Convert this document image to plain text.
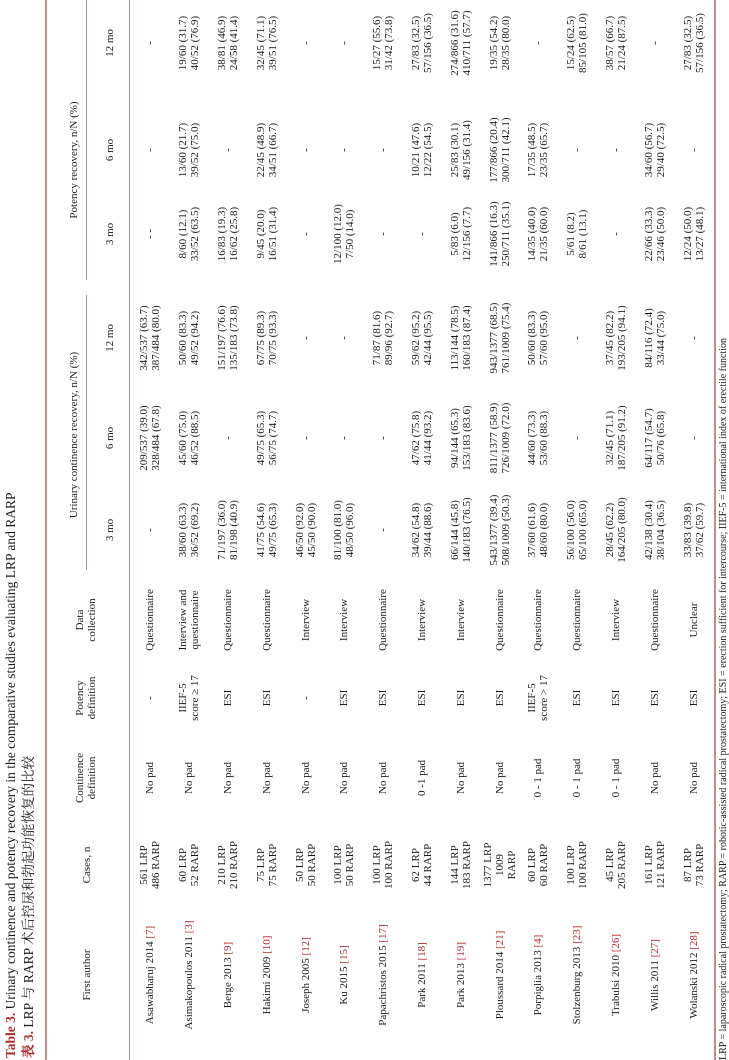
Table 3. Urinary continence and potency recovery in the comparative studies evaluating LRP and RARP
表 3. LRP 与 RARP 术后控尿和勃起功能恢复的比较	First author
Cases, n
Continence definition
Potency definition
Data collection
Urinary continence recovery, n/N (%)
Potency recovery, n/N (%)
3 mo
6 mo
12 mo
3 mo
6 mo
12 mo
Asawabharuj 2014 [7]
561 LRP 486 RARP
No pad
-
Questionnaire
-
209/537 (39.0) 328/484 (67.8)
342/537 (63.7) 387/484 (80.0)
- -
-
-
Asimakopoulos 2011 [3]
60 LRP 52 RARP
No pad
IIEF-5 score ≥ 17
Interview and questionnaire
38/60 (63.3) 36/52 (69.2)
45/60 (75.0) 46/52 (88.5)
50/60 (83.3) 49/52 (94.2)
8/60 (12.1) 33/52 (63.5)
13/60 (21.7) 39/52 (75.0)
19/60 (31.7) 40/52 (76.9)
Berge 2013 [9]
210 LRP 210 RARP
No pad
ESI
Questionnaire
71/197 (36.0) 81/198 (40.9)
-
151/197 (76.6) 135/183 (73.8)
16/83 (19.3) 16/62 (25.8)
-
38/81 (46.9) 24/58 (41.4)
Hakimi 2009 [10]
75 LRP 75 RARP
No pad
ESI
Questionnaire
41/75 (54.6) 49/75 (65.3)
49/75 (65.3) 56/75 (74.7)
67/75 (89.3) 70/75 (93.3)
9/45 (20.0) 16/51 (31.4)
22/45 (48.9) 34/51 (66.7)
32/45 (71.1) 39/51 (76.5)
Joseph 2005 [12]
50 LRP 50 RARP
No pad
-
Interview
46/50 (92.0) 45/50 (90.0)
-
-
-
-
-
Ku 2015 [15]
100 LRP 50 RARP
No pad
ESI
Interview
81/100 (81.0) 48/50 (96.0)
-
-
12/100 (12.0) 7/50 (14.0)
-
-
Papachristos 2015 [17]
100 LRP 100 RARP
No pad
ESI
Questionnaire
-
-
71/87 (81.6) 89/96 (92.7)
-
-
15/27 (55.6) 31/42 (73.8)
Park 2011 [18]
62 LRP 44 RARP
0 -1 pad
ESI
Interview
34/62 (54.8) 39/44 (88.6)
47/62 (75.8) 41/44 (93.2)
59/62 (95.2) 42/44 (95.5)
-
10/21 (47.6) 12/22 (54.5)
27/83 (32.5) 57/156 (36.5)
Park 2013 [19]
144 LRP 183 RARP
No pad
ESI
Interview
66/144 (45.8) 140/183 (76.5)
94/144 (65.3) 153/183 (83.6)
113/144 (78.5) 160/183 (87.4)
5/83 (6.0) 12/156 (7.7)
25/83 (30.1) 49/156 (31.4)
274/866 (31.6) 410/711 (57.7)
Ploussard 2014 [21]
1377 LRP 1009 RARP
No pad
ESI
Questionnaire
543/1377 (39.4) 508/1009 (50.3)
811/1377 (58.9) 726/1009 (72.0)
943/1377 (68.5) 761/1009 (75.4)
141/866 (16.3) 250/711 (35.1)
177/866 (20.4) 300/711 (42.1)
19/35 (54.2) 28/35 (80.0)
Porpiglia 2013 [4]
60 LRP 60 RARP
0 - 1 pad
IIEF-5 score > 17
Questionnaire
37/60 (61.6) 48/60 (80.0)
44/60 (73.3) 53/60 (88.3)
50/60 (83.3) 57/60 (95.0)
14/35 (40.0) 21/35 (60.0)
17/35 (48.5) 23/35 (65.7)
-
Stolzenburg 2013 [23]
100 LRP 100 RARP
0 - 1 pad
ESI
Questionnaire
56/100 (56.0) 65/100 (65.0)
-
-
5/61 (8.2) 8/61 (13.1)
-
15/24 (62.5) 85/105 (81.0)
Trabulsi 2010 [26]
45 LRP 205 RARP
0 - 1 pad
ESI
Interview
28/45 (62.2) 164/205 (80.0)
32/45 (71.1) 187/205 (91.2)
37/45 (82.2) 193/205 (94.1)
-
-
38/57 (66.7) 21/24 (87.5)
Willis 2011 [27]
161 LRP 121 RARP
No pad
ESI
Questionnaire
42/138 (30.4) 38/104 (36.5)
64/117 (54.7) 50/76 (65.8)
84/116 (72.4) 33/44 (75.0)
22/66 (33.3) 23/46 (50.0)
34/60 (56.7) 29/40 (72.5)
-
Wolanski 2012 [28]
87 LRP 73 RARP
No pad
ESI
Unclear
33/83 (39.8) 37/62 (59.7)
-
-
12/24 (50.0) 13/27 (48.1)
-
27/83 (32.5) 57/156 (36.5)
LRP = laparoscopic radical prostatectomy; RARP = robotic-assisted radical prostatectomy; ESI = erection sufficient for intercourse; IIEF-5 = international index of erectile function
